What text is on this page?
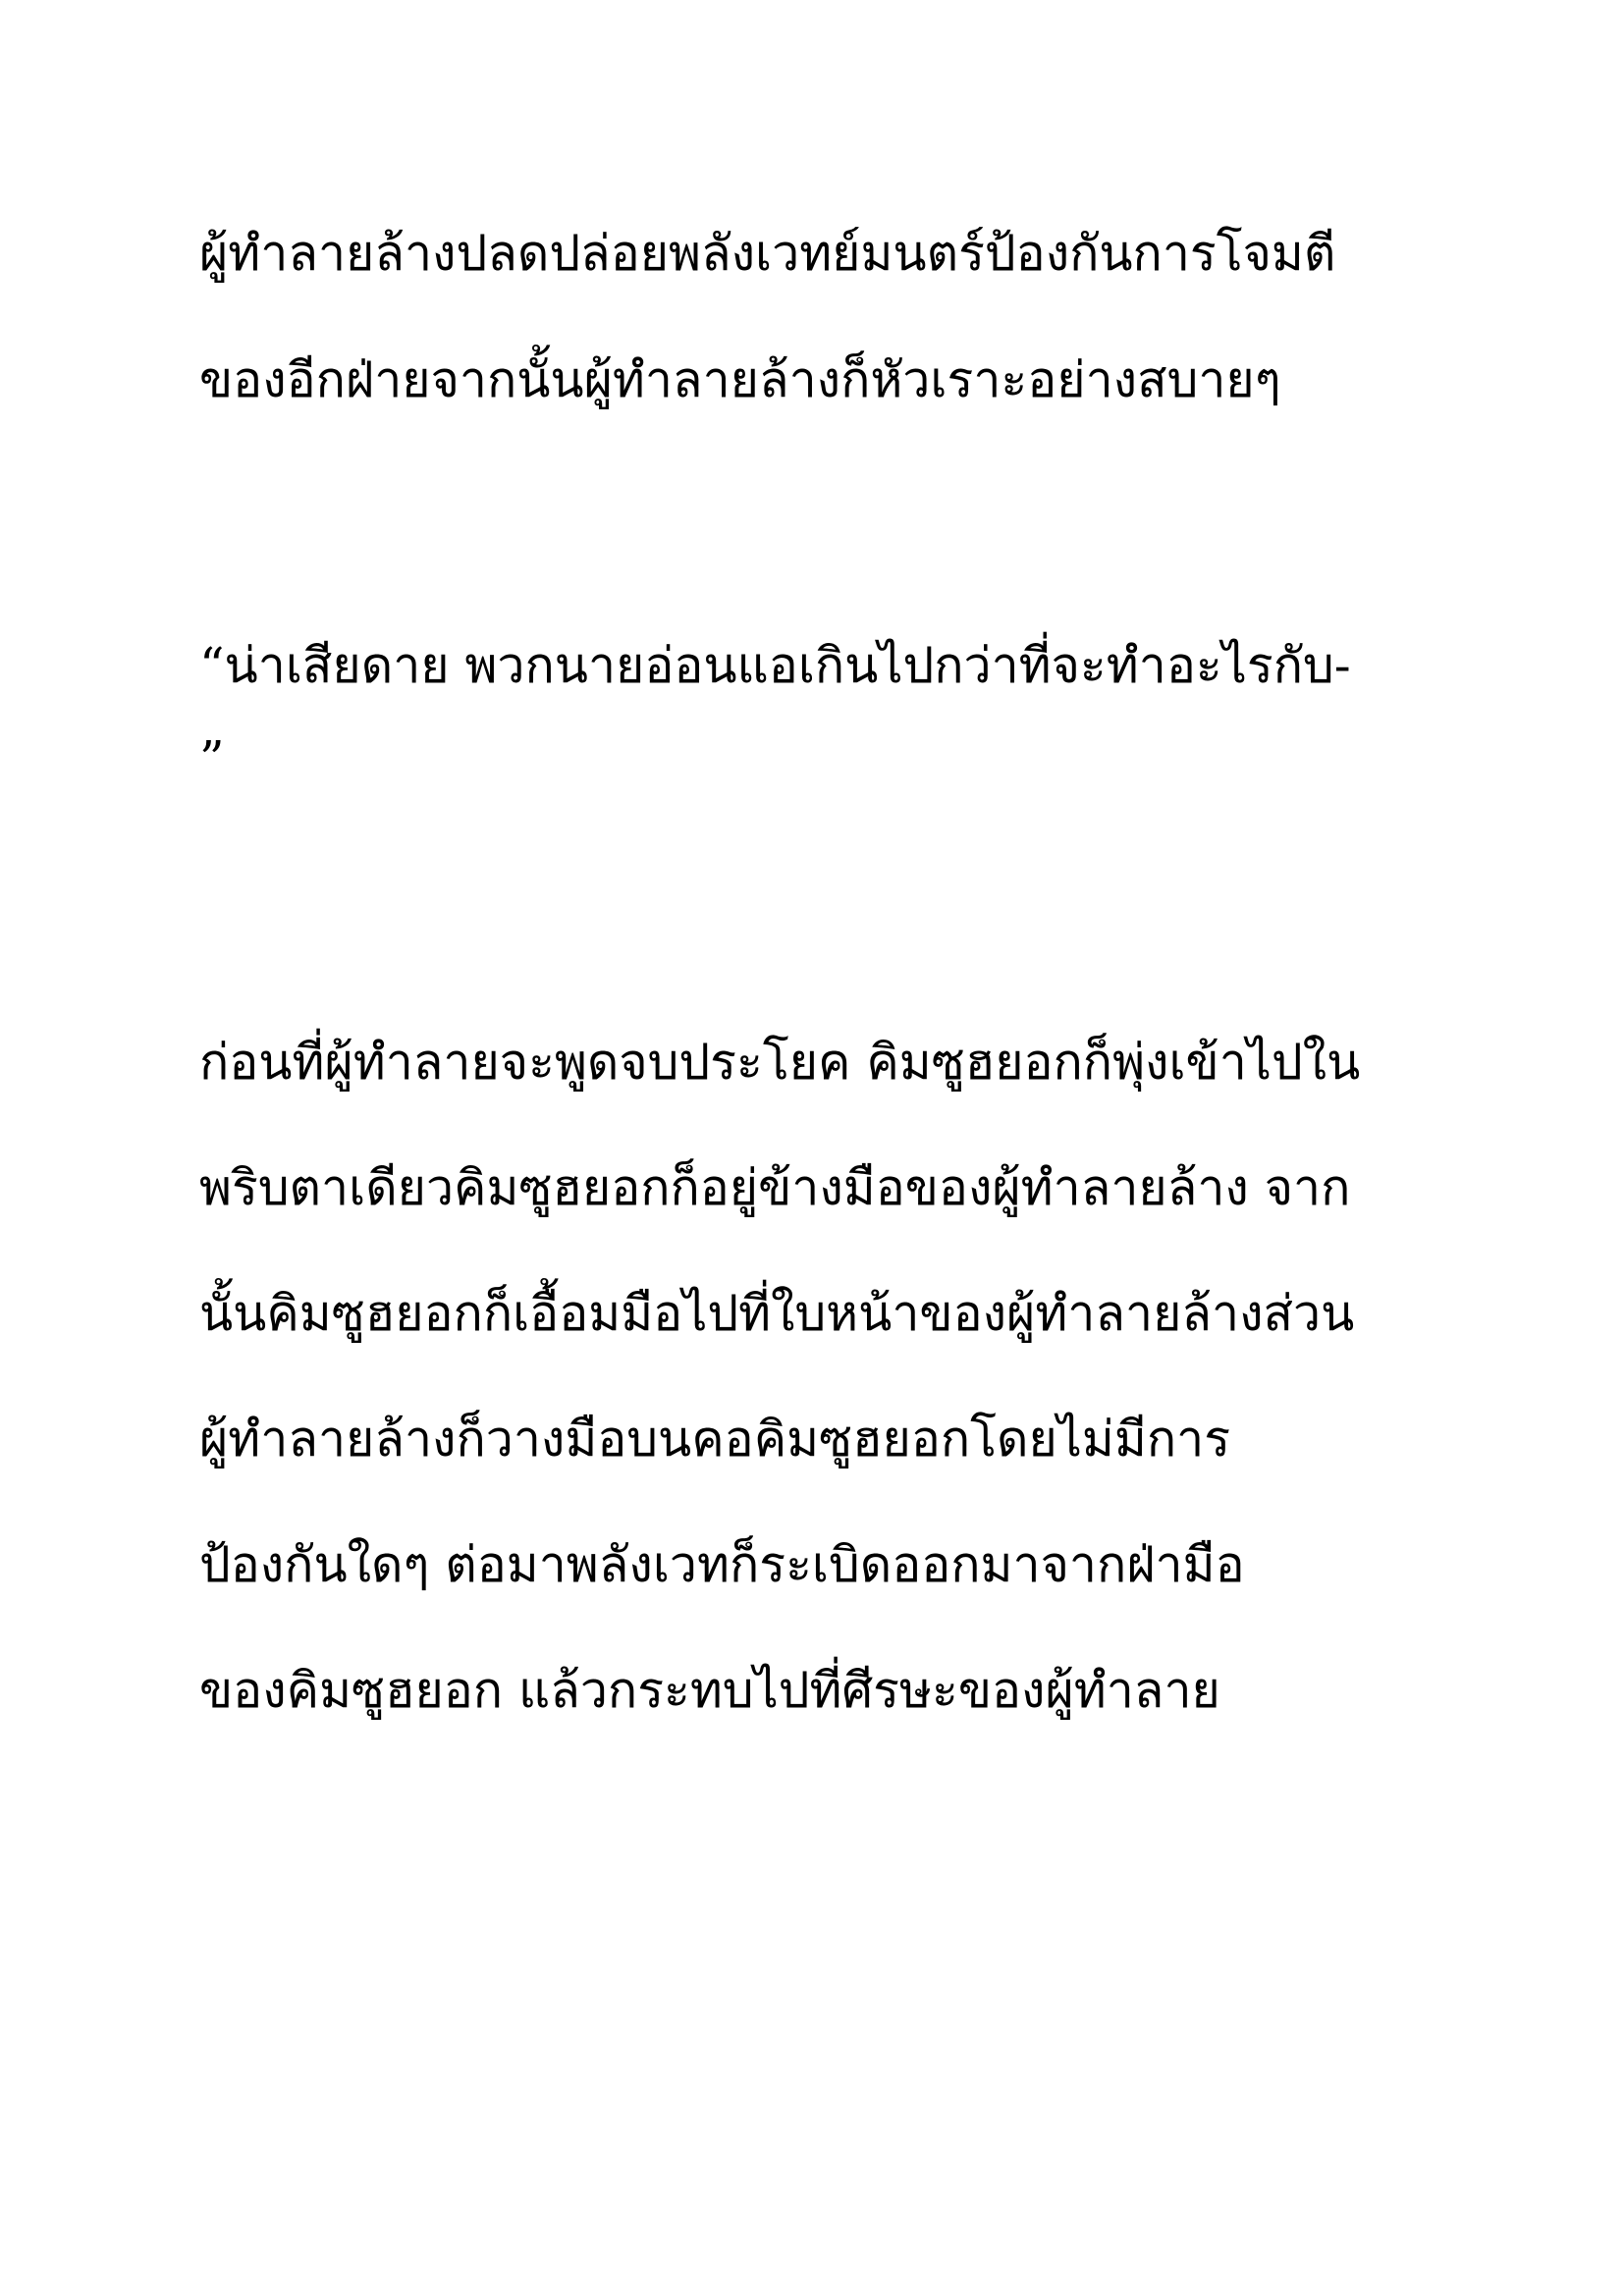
ผู้ทำลายล้างปลดปล่อยพลังเวทย์มนตร์ป้องกันการโจมตี

ของอีกฝ่ายจากนั้นผู้ทำลายล้างก็หัวเราะอย่างสบายๆ

“น่าเสียดาย พวกนายอ่อนแอเกินไปกว่าที่จะทำอะไรกับ-

”

ก่อนที่ผู้ทำลายจะพูดจบประโยค คิมซูฮยอกก็พุ่งเข้าไปใน

พริบตาเดียวคิมซูฮยอกก็อยู่ข้างมือของผู้ทำลายล้าง จาก

นั้นคิมซูฮยอกก็เอื้อมมือไปที่ใบหน้าของผู้ทำลายล้างส่วน

ผู้ทำลายล้างก็วางมือบนคอคิมซูฮยอกโดยไม่มีการ

ป้องกันใดๆ ต่อมาพลังเวทก็ระเบิดออกมาจากฝ่ามือ

ของคิมซูฮยอก แล้วกระทบไปที่ศีรษะของผู้ทำลาย
